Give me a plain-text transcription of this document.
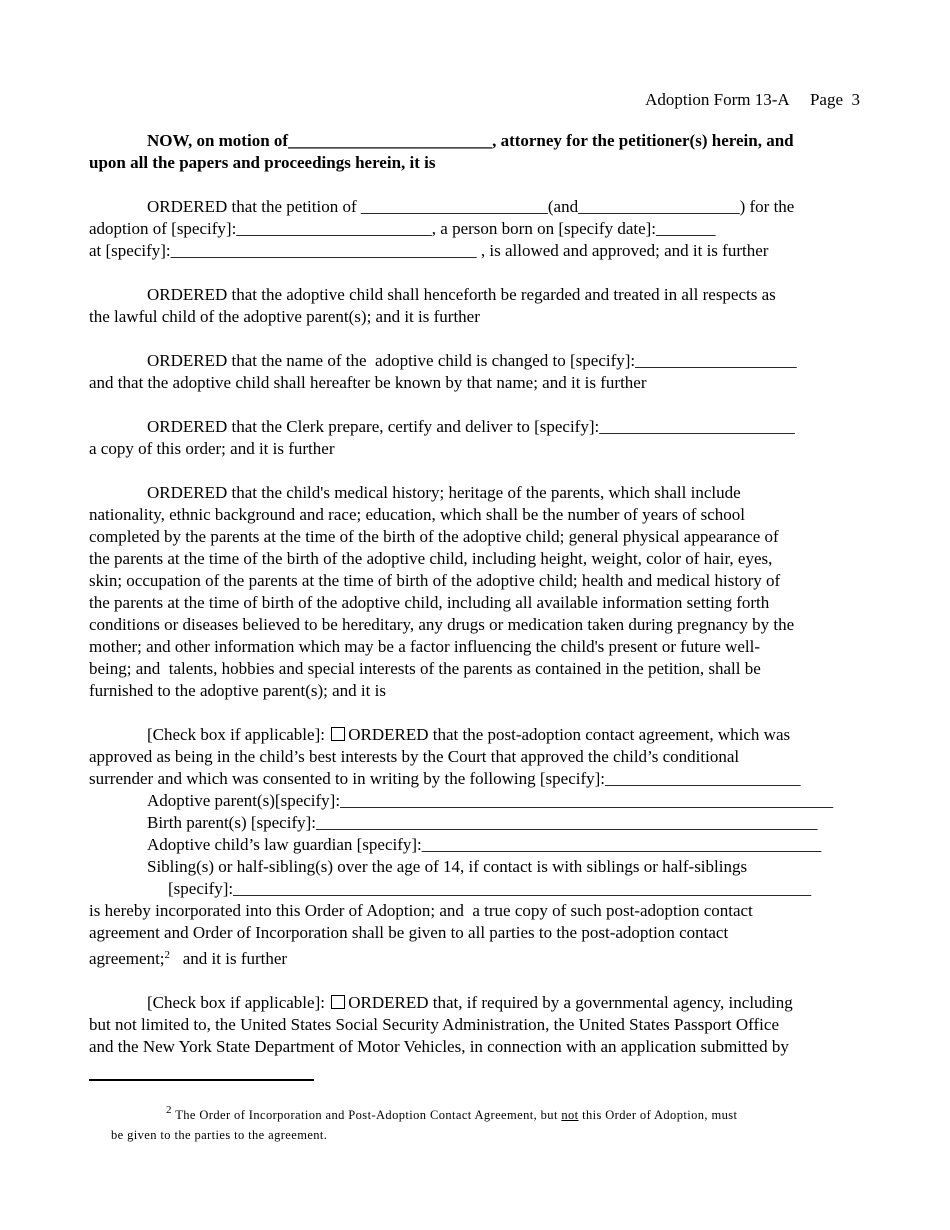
Adoption Form 13-A Page 3

NOW, on motion of________________________, attorney for the petitioner(s) herein, and
upon all the papers and proceedings herein, it is

ORDERED that the petition of ______________________(and___________________) for the
adoption of [specify]:_______________________, a person born on [specify date]:_______
at [specify]:____________________________________ , is allowed and approved; and it is further
ORDERED that the adoptive child shall henceforth be regarded and treated in all respects as
the lawful child of the adoptive parent(s); and it is further
ORDERED that the name of the  adoptive child is changed to [specify]:___________________
and that the adoptive child shall hereafter be known by that name; and it is further
ORDERED that the Clerk prepare, certify and deliver to [specify]:_______________________
a copy of this order; and it is further
ORDERED that the child's medical history; heritage of the parents, which shall include
nationality, ethnic background and race; education, which shall be the number of years of school
completed by the parents at the time of the birth of the adoptive child; general physical appearance of
the parents at the time of the birth of the adoptive child, including height, weight, color of hair, eyes,
skin; occupation of the parents at the time of birth of the adoptive child; health and medical history of
the parents at the time of birth of the adoptive child, including all available information setting forth
conditions or diseases believed to be hereditary, any drugs or medication taken during pregnancy by the
mother; and other information which may be a factor influencing the child's present or future well-
being; and  talents, hobbies and special interests of the parents as contained in the petition, shall be
furnished to the adoptive parent(s); and it is
[Check box if applicable]: ORDERED that the post-adoption contact agreement, which was
approved as being in the child’s best interests by the Court that approved the child’s conditional
surrender and which was consented to in writing by the following [specify]:_______________________
Adoptive parent(s)[specify]:__________________________________________________________
Birth parent(s) [specify]:___________________________________________________________
Adoptive child’s law guardian [specify]:_______________________________________________
Sibling(s) or half-sibling(s) over the age of 14, if contact is with siblings or half-siblings
[specify]:____________________________________________________________________
is hereby incorporated into this Order of Adoption; and  a true copy of such post-adoption contact
agreement and Order of Incorporation shall be given to all parties to the post-adoption contact
agreement;$^2$   and it is further
[Check box if applicable]: ORDERED that, if required by a governmental agency, including
but not limited to, the United States Social Security Administration, the United States Passport Office
and the New York State Department of Motor Vehicles, in connection with an application submitted by
2 The Order of Incorporation and Post-Adoption Contact Agreement, but not this Order of Adoption, must
be given to the parties to the agreement.
